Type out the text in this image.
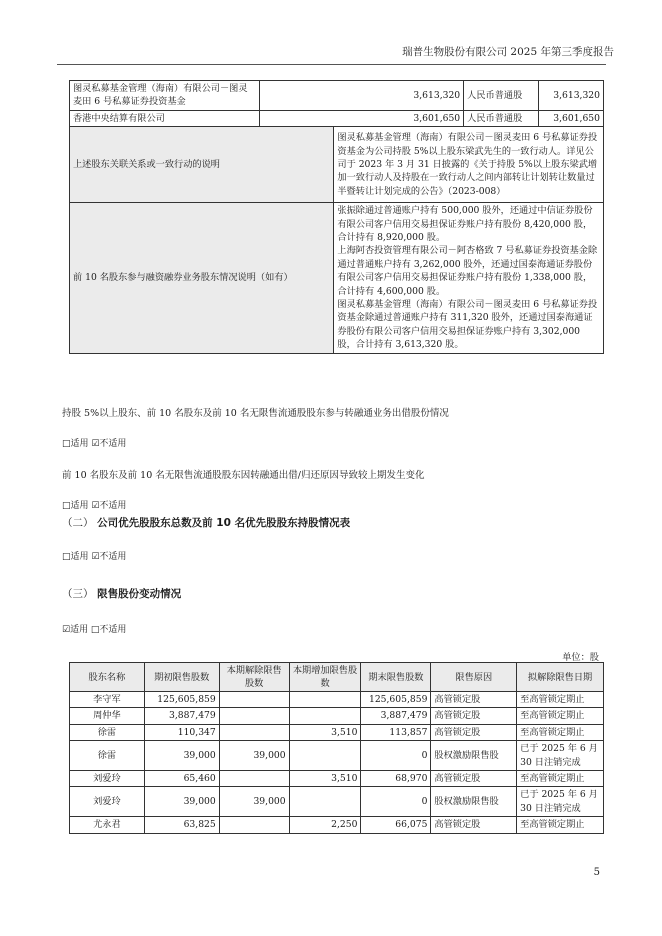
瑞普生物股份有限公司 2025 年第三季度报告
图灵私募基金管理（海南）有限公司－图灵麦田 6 号私募证券投资基金	3,613,320		人民币普通股	3,613,320
香港中央结算有限公司	3,601,650		人民币普通股	3,601,650
上述股东关联关系或一致行动的说明		图灵私募基金管理（海南）有限公司－图灵麦田 6 号私募证券投资基金为公司持股 5%以上股东梁武先生的一致行动人。详见公司于 2023 年 3 月 31 日披露的《关于持股 5%以上股东梁武增加一致行动人及持股在一致行动人之间内部转让计划转让数量过半暨转让计划完成的公告》（2023-008）		
前 10 名股东参与融资融券业务股东情况说明（如有）		张振除通过普通账户持有 500,000 股外，还通过中信证券股份有限公司客户信用交易担保证券账户持有股份 8,420,000 股，合计持有 8,920,000 股。
上海阿杏投资管理有限公司－阿杏格致 7 号私募证券投资基金除通过普通账户持有 3,262,000 股外，还通过国泰海通证券股份有限公司客户信用交易担保证券账户持有股份 1,338,000 股，合计持有 4,600,000 股。
图灵私募基金管理（海南）有限公司－图灵麦田 6 号私募证券投资基金除通过普通账户持有 311,320 股外，还通过国泰海通证券股份有限公司客户信用交易担保证券账户持有 3,302,000 股，合计持有 3,613,320 股。		
持股 5%以上股东、前 10 名股东及前 10 名无限售流通股股东参与转融通业务出借股份情况
□适用 ☑不适用
前 10 名股东及前 10 名无限售流通股股东因转融通出借/归还原因导致较上期发生变化
□适用 ☑不适用
（二） 公司优先股股东总数及前 10 名优先股股东持股情况表
□适用 ☑不适用
（三） 限售股份变动情况
☑适用 □不适用
单位：股
股东名称	期初限售股数	本期解除限售股数	本期增加限售股数	期末限售股数	限售原因	拟解除限售日期
李守军	125,605,859			125,605,859	高管锁定股	至高管锁定期止
周仲华	3,887,479			3,887,479	高管锁定股	至高管锁定期止
徐雷	110,347		3,510	113,857	高管锁定股	至高管锁定期止
徐雷	39,000	39,000		0	股权激励限售股	已于 2025 年 6 月 30 日注销完成
刘爱玲	65,460		3,510	68,970	高管锁定股	至高管锁定期止
刘爱玲	39,000	39,000		0	股权激励限售股	已于 2025 年 6 月 30 日注销完成
尤永君	63,825		2,250	66,075	高管锁定股	至高管锁定期止
5
